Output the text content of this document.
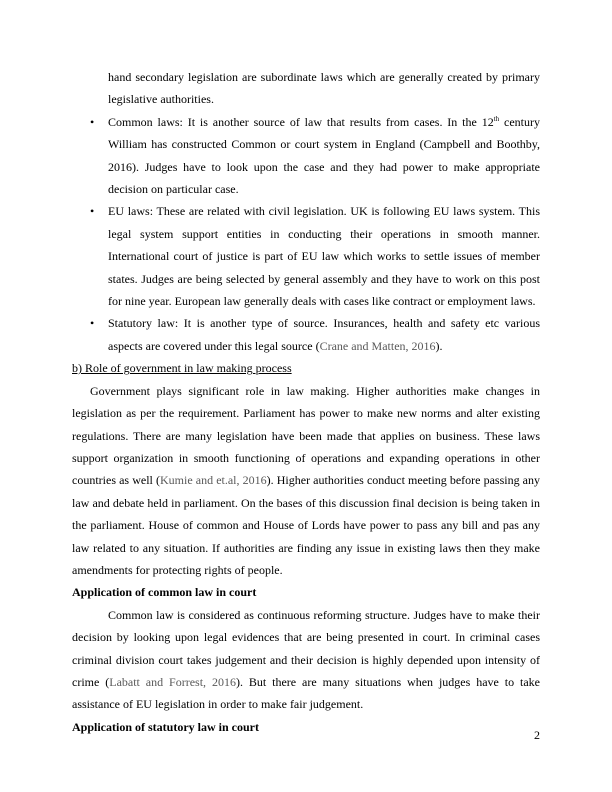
hand secondary legislation are subordinate laws which are generally created by primary legislative authorities.

•	Common laws: It is another source of law that results from cases. In the 12th century William has constructed Common or court system in England (Campbell and Boothby, 2016). Judges have to look upon the case and they had power to make appropriate decision on particular case.
•	EU laws: These are related with civil legislation. UK is following EU laws system. This legal system support entities in conducting their operations in smooth manner. International court of justice is part of EU law which works to settle issues of member states. Judges are being selected by general assembly and they have to work on this post for nine year. European law generally deals with cases like contract or employment laws.
•	Statutory law: It is another type of source. Insurances, health and safety etc various aspects are covered under this legal source (Crane and Matten, 2016).
b) Role of government in law making process

Government plays significant role in law making. Higher authorities make changes in legislation as per the requirement. Parliament has power to make new norms and alter existing regulations. There are many legislation have been made that applies on business. These laws support organization in smooth functioning of operations and expanding operations in other countries as well (Kumie and et.al, 2016). Higher authorities conduct meeting before passing any law and debate held in parliament. On the bases of this discussion final decision is being taken in the parliament. House of common and House of Lords have power to pass any bill and pas any law related to any situation. If authorities are finding any issue in existing laws then they make amendments for protecting rights of people.

Application of common law in court

Common law is considered as continuous reforming structure. Judges have to make their decision by looking upon legal evidences that are being presented in court. In criminal cases criminal division court takes judgement and their decision is highly depended upon intensity of crime (Labatt and Forrest, 2016). But there are many situations when judges have to take assistance of EU legislation in order to make fair judgement.

Application of statutory law in court
2
